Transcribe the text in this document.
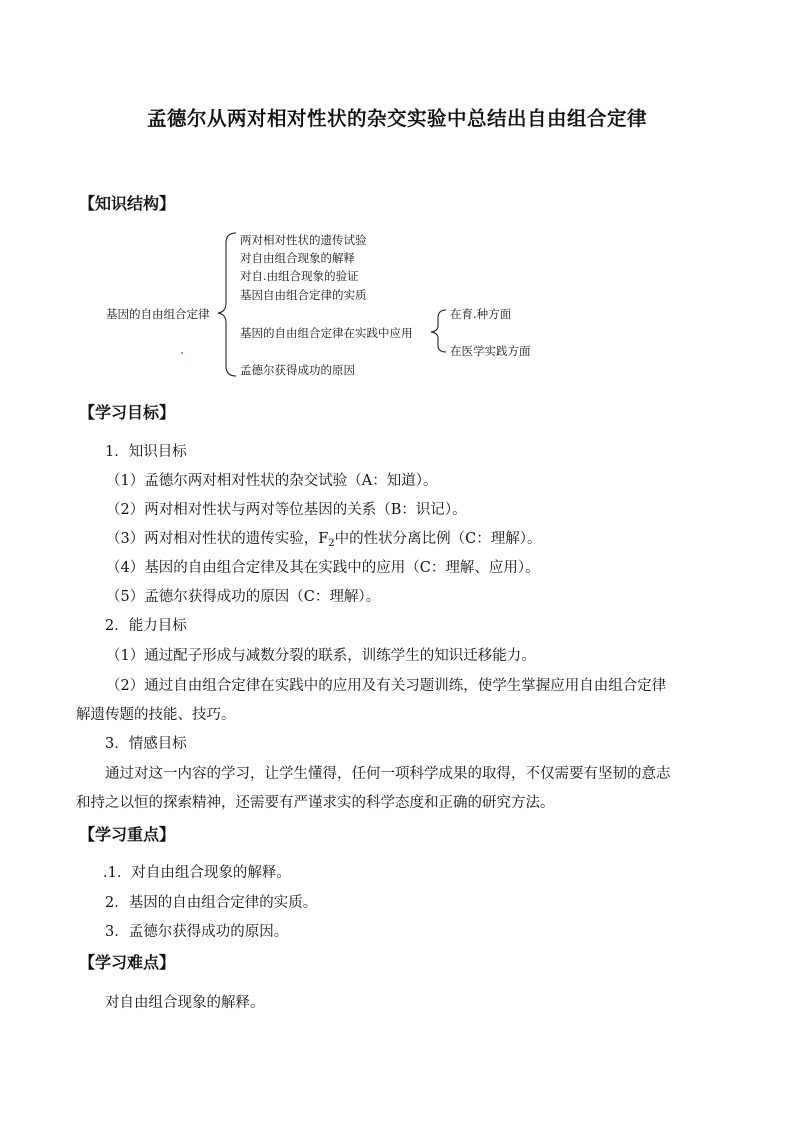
孟德尔从两对相对性状的杂交实验中总结出自由组合定律
【知识结构】
基因的自由组合定律
两对相对性状的遗传试验
对自由组合现象的解释
对自.由组合现象的验证
基因自由组合定律的实质
基因的自由组合定律在实践中应用
孟德尔获得成功的原因
在育.种方面
在医学实践方面
【学习目标】
1．知识目标
（1）孟德尔两对相对性状的杂交试验（A：知道）。
（2）两对相对性状与两对等位基因的关系（B：识记）。
（3）两对相对性状的遗传实验，$F_2$中的性状分离比例（C：理解）。
（4）基因的自由组合定律及其在实践中的应用（C：理解、应用）。
（5）孟德尔获得成功的原因（C：理解）。
2．能力目标
（1）通过配子形成与减数分裂的联系，训练学生的知识迁移能力。
（2）通过自由组合定律在实践中的应用及有关习题训练，使学生掌握应用自由组合定律
解遗传题的技能、技巧。
3．情感目标
通过对这一内容的学习，让学生懂得，任何一项科学成果的取得，不仅需要有坚韧的意志
和持之以恒的探索精神，还需要有严谨求实的科学态度和正确的研究方法。
【学习重点】
.1．对自由组合现象的解释。
2．基因的自由组合定律的实质。
3．孟德尔获得成功的原因。
【学习难点】
对自由组合现象的解释。
